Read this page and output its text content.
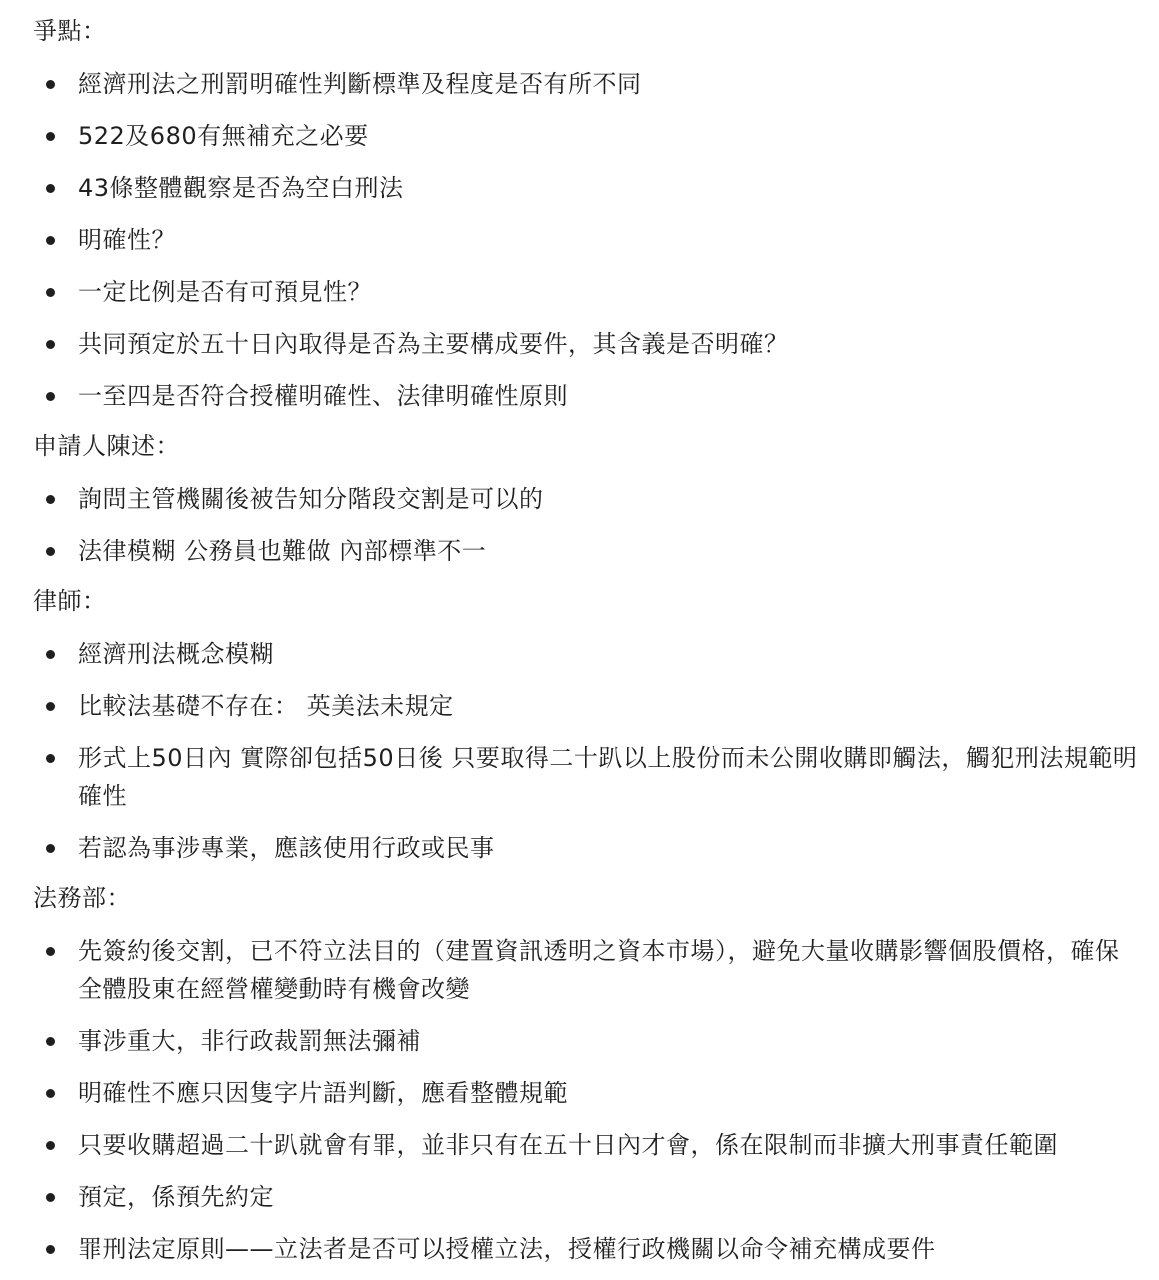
爭點：
經濟刑法之刑罰明確性判斷標準及程度是否有所不同
522及680有無補充之必要
43條整體觀察是否為空白刑法
明確性？
一定比例是否有可預見性？
共同預定於五十日內取得是否為主要構成要件，其含義是否明確？
一至四是否符合授權明確性、法律明確性原則
申請人陳述：
詢問主管機關後被告知分階段交割是可以的
法律模糊 公務員也難做 內部標準不一
律師：
經濟刑法概念模糊
比較法基礎不存在： 英美法未規定
形式上50日內 實際卻包括50日後 只要取得二十趴以上股份而未公開收購即觸法，觸犯刑法規範明確性
若認為事涉專業，應該使用行政或民事
法務部：
先簽約後交割，已不符立法目的（建置資訊透明之資本市場），避免大量收購影響個股價格，確保全體股東在經營權變動時有機會改變
事涉重大，非行政裁罰無法彌補
明確性不應只因隻字片語判斷，應看整體規範
只要收購超過二十趴就會有罪，並非只有在五十日內才會，係在限制而非擴大刑事責任範圍
預定，係預先約定
罪刑法定原則——立法者是否可以授權立法，授權行政機關以命令補充構成要件
